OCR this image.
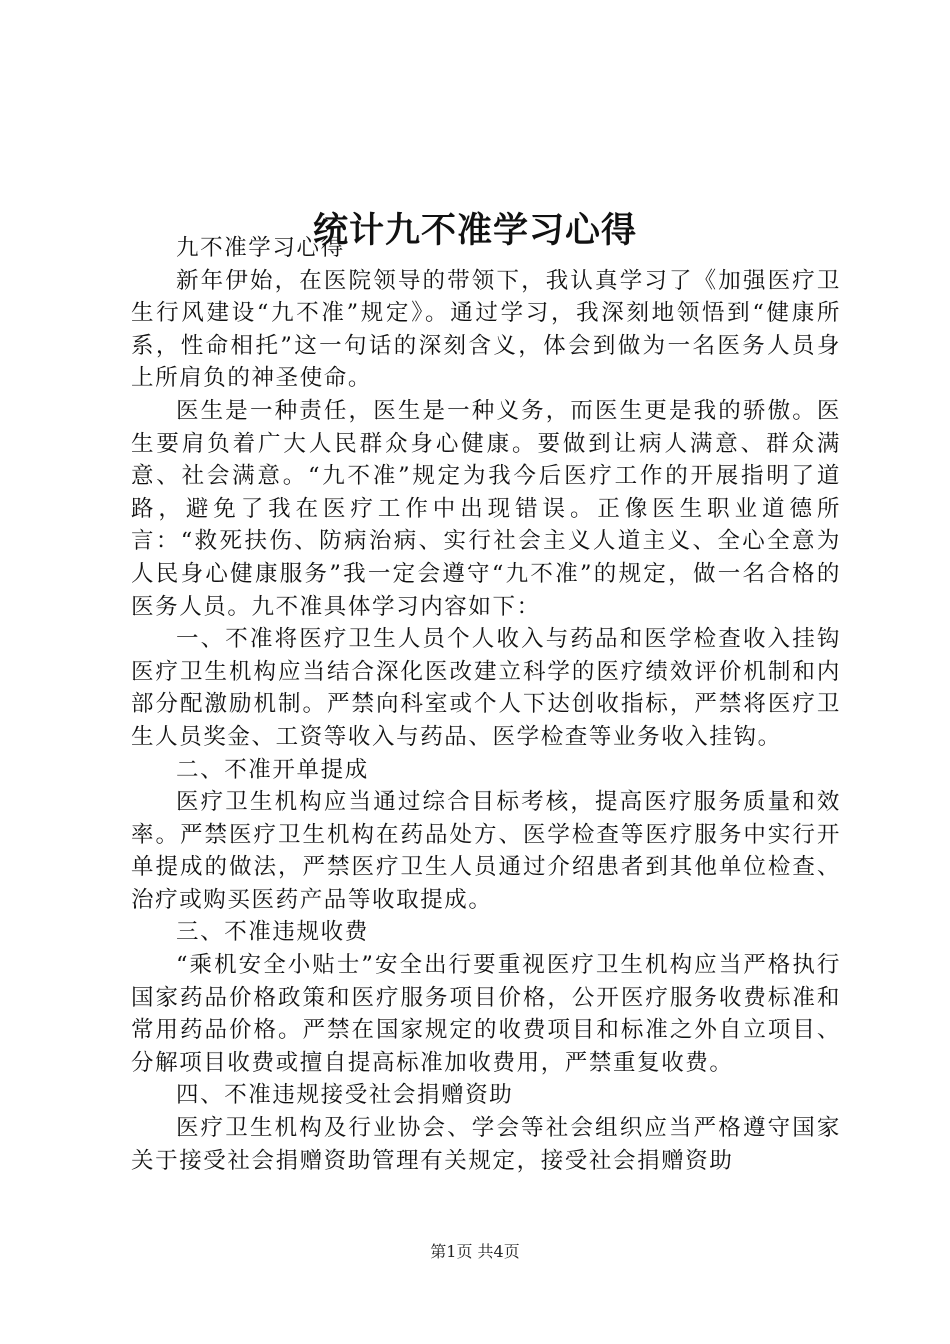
统计九不准学习心得

九不准学习心得

新年伊始，在医院领导的带领下，我认真学习了《加强医疗卫生行风建设“九不准”规定》。通过学习，我深刻地领悟到“健康所系，性命相托”这一句话的深刻含义，体会到做为一名医务人员身上所肩负的神圣使命。

医生是一种责任，医生是一种义务，而医生更是我的骄傲。医生要肩负着广大人民群众身心健康。要做到让病人满意、群众满意、社会满意。“九不准”规定为我今后医疗工作的开展指明了道路，避免了我在医疗工作中出现错误。正像医生职业道德所言：“救死扶伤、防病治病、实行社会主义人道主义、全心全意为人民身心健康服务”我一定会遵守“九不准”的规定，做一名合格的医务人员。九不准具体学习内容如下：

一、不准将医疗卫生人员个人收入与药品和医学检查收入挂钩医疗卫生机构应当结合深化医改建立科学的医疗绩效评价机制和内部分配激励机制。严禁向科室或个人下达创收指标，严禁将医疗卫生人员奖金、工资等收入与药品、医学检查等业务收入挂钩。

二、不准开单提成

医疗卫生机构应当通过综合目标考核，提高医疗服务质量和效率。严禁医疗卫生机构在药品处方、医学检查等医疗服务中实行开单提成的做法，严禁医疗卫生人员通过介绍患者到其他单位检查、治疗或购买医药产品等收取提成。

三、不准违规收费

“乘机安全小贴士”安全出行要重视医疗卫生机构应当严格执行国家药品价格政策和医疗服务项目价格，公开医疗服务收费标准和常用药品价格。严禁在国家规定的收费项目和标准之外自立项目、分解项目收费或擅自提高标准加收费用，严禁重复收费。

四、不准违规接受社会捐赠资助

医疗卫生机构及行业协会、学会等社会组织应当严格遵守国家关于接受社会捐赠资助管理有关规定，接受社会捐赠资助

第1页 共4页
